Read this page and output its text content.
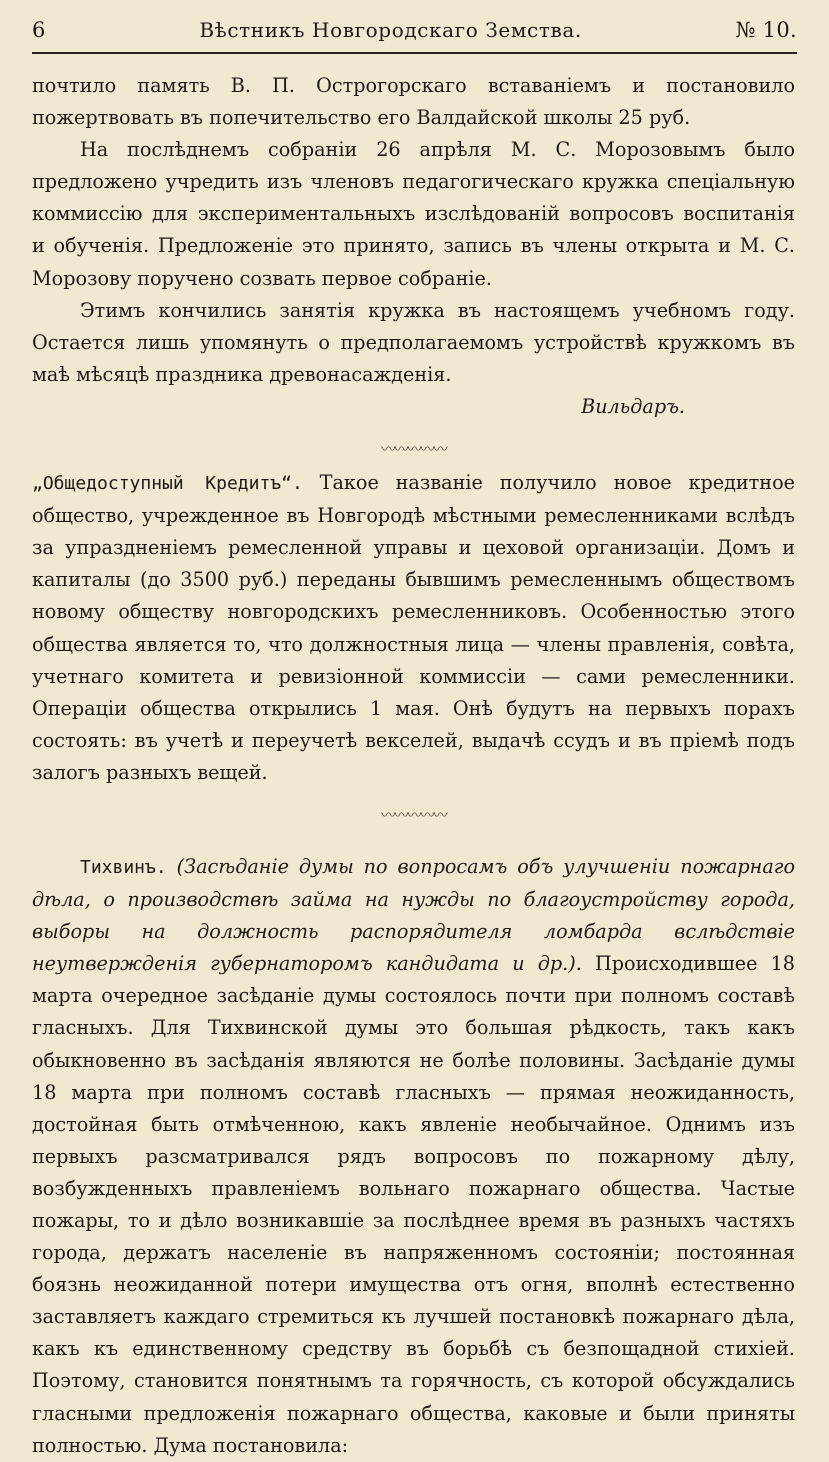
6	Вѣстникъ Новгородскаго Земства.	№ 10.

почтило память В. П. Острогорскаго вставаніемъ и постановило пожертвовать въ попечительство его Валдайской школы 25 руб.

На послѣднемъ собраніи 26 апрѣля М. С. Морозовымъ было предложено учредить изъ членовъ педагогическаго кружка спеціальную коммиссію для экспериментальныхъ изслѣдованій вопросовъ воспитанія и обученія. Предложеніе это принято, запись въ члены открыта и М. С. Морозову поручено созвать первое собраніе.

Этимъ кончились занятія кружка въ настоящемъ учебномъ году. Остается лишь упомянуть о предполагаемомъ устройствѣ кружкомъ въ маѣ мѣсяцѣ праздника древонасажденія.

Вильдаръ.

〰〰〰〰〰

„Общедоступный Кредитъ“. Такое названіе получило новое кредитное общество, учрежденное въ Новгородѣ мѣстными ремесленниками вслѣдъ за упраздненіемъ ремесленной управы и цеховой организаціи. Домъ и капиталы (до 3500 руб.) переданы бывшимъ ремесленнымъ обществомъ новому обществу новгородскихъ ремесленниковъ. Особенностью этого общества является то, что должностныя лица — члены правленія, совѣта, учетнаго комитета и ревизіонной коммиссіи — сами ремесленники. Операціи общества открылись 1 мая. Онѣ будутъ на первыхъ порахъ состоять: въ учетѣ и переучетѣ векселей, выдачѣ ссудъ и въ пріемѣ подъ залогъ разныхъ вещей.

〰〰〰〰〰

Тихвинъ. (Засѣданіе думы по вопросамъ объ улучшеніи пожарнаго дѣла, о производствѣ займа на нужды по благоустройству города, выборы на должность распорядителя ломбарда вслѣдствіе неутвержденія губернаторомъ кандидата и др.). Происходившее 18 марта очередное засѣданіе думы состоялось почти при полномъ составѣ гласныхъ. Для Тихвинской думы это большая рѣдкость, такъ какъ обыкновенно въ засѣданія являются не болѣе половины. Засѣданіе думы 18 марта при полномъ составѣ гласныхъ — прямая неожиданность, достойная быть отмѣченною, какъ явленіе необычайное. Однимъ изъ первыхъ разсматривался рядъ вопросовъ по пожарному дѣлу, возбужденныхъ правленіемъ вольнаго пожарнаго общества. Частые пожары, то и дѣло возникавшіе за послѣднее время въ разныхъ частяхъ города, держатъ населеніе въ напряженномъ состояніи; постоянная боязнь неожиданной потери имущества отъ огня, вполнѣ естественно заставляетъ каждаго стремиться къ лучшей постановкѣ пожарнаго дѣла, какъ къ единственному средству въ борьбѣ съ безпощадной стихіей. Поэтому, становится понятнымъ та горячность, съ которой обсуждались гласными предложенія пожарнаго общества, каковые и были приняты полностью. Дума постановила:
